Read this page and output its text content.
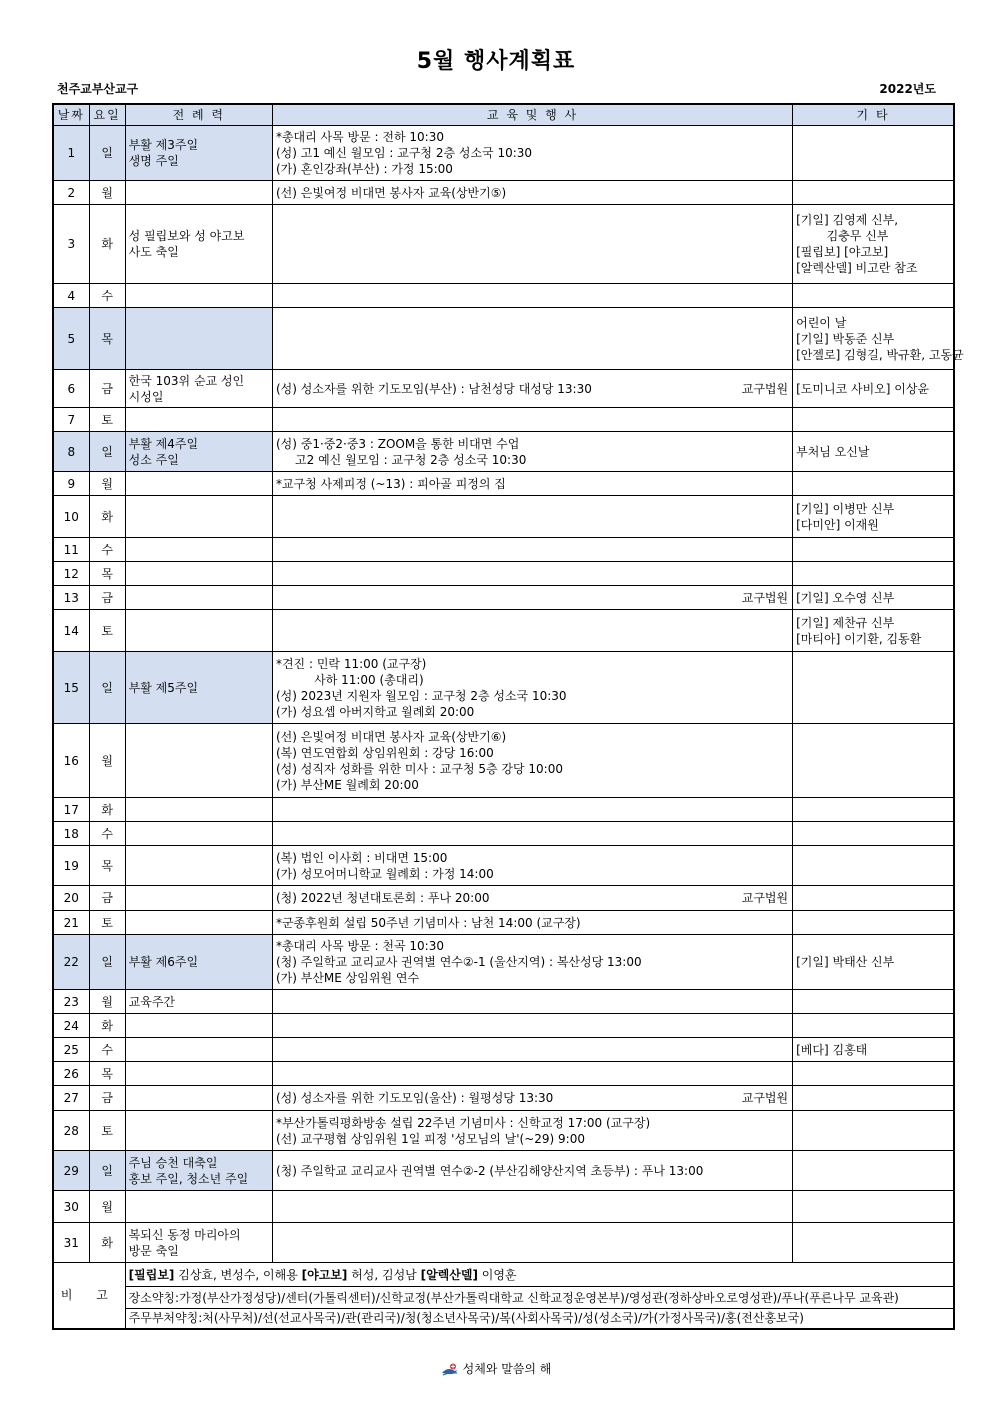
5월 행사계획표
천주교부산교구	2022년도
날짜	요일	전 례 력	교 육 및 행 사	기 타
1	일	부활 제3주일
생명 주일	*총대리 사목 방문 : 전하 10:30
(성) 고1 예신 월모임 : 교구청 2층 성소국 10:30
(가) 혼인강좌(부산) : 가정 15:00	

2	월		(선) 은빛여정 비대면 봉사자 교육(상반기⑤)	

3	화	성 필립보와 성 야고보
사도 축일		[기일] 김영제 신부,
김충무 신부
[필립보] [야고보]
[알렉산델] 비고란 참조

4	수			
5	목			어린이 날
[기일] 박동준 신부
[안젤로] 김형길, 박규환, 고동균

6	금	한국 103위 순교 성인
시성일	(성) 성소자를 위한 기도모임(부산) : 남천성당 대성당 13:30 교구법원	[도미니코 사비오] 이상윤

7	토			
8	일	부활 제4주일
성소 주일	(성) 중1·중2·중3 : ZOOM을 통한 비대면 수업
고2 예신 월모임 : 교구청 2층 성소국 10:30	부처님 오신날

9	월		*교구청 사제피정 (~13) : 피아골 피정의 집	

10	화			[기일] 이병만 신부
[다미안] 이재원

11	수			
12	목			
13	금		교구법원	[기일] 오수영 신부

14	토			[기일] 제찬규 신부
[마티아] 이기환, 김동환

15	일	부활 제5주일	*견진 : 민락 11:00 (교구장)
사하 11:00 (총대리)
(성) 2023년 지원자 월모임 : 교구청 2층 성소국 10:30
(가) 성요셉 아버지학교 월례회 20:00	

16	월		(선) 은빛여정 비대면 봉사자 교육(상반기⑥)
(복) 연도연합회 상임위원회 : 강당 16:00
(성) 성직자 성화를 위한 미사 : 교구청 5층 강당 10:00
(가) 부산ME 월례회 20:00	

17	화			
18	수			
19	목		(복) 법인 이사회 : 비대면 15:00
(가) 성모어머니학교 월례회 : 가정 14:00	

20	금		(청) 2022년 청년대토론회 : 푸나 20:00 교구법원	

21	토		*군종후원회 설립 50주년 기념미사 : 남천 14:00 (교구장)	

22	일	부활 제6주일	*총대리 사목 방문 : 천곡 10:30
(청) 주일학교 교리교사 권역별 연수②-1 (울산지역) : 복산성당 13:00
(가) 부산ME 상임위원 연수	[기일] 박태산 신부

23	월	교육주간		

24	화			
25	수			[베다] 김홍태

26	목			
27	금		(성) 성소자를 위한 기도모임(울산) : 월평성당 13:30 교구법원	

28	토		*부산가톨릭평화방송 설립 22주년 기념미사 : 신학교정 17:00 (교구장)
(선) 교구평협 상임위원 1일 피정 '성모님의 날'(~29) 9:00	

29	일	주님 승천 대축일
홍보 주일, 청소년 주일	(청) 주일학교 교리교사 권역별 연수②-2 (부산김해양산지역 초등부) : 푸나 13:00	

30	월			
31	화	복되신 동정 마리아의
방문 축일		

비 고		[필립보] 김상효, 변성수, 이해용 [야고보] 허성, 김성남 [알렉산델] 이영훈		
		장소약칭:가정(부산가정성당)/센터(가톨릭센터)/신학교정(부산가톨릭대학교 신학교정운영본부)/영성관(정하상바오로영성관)/푸나(푸른나무 교육관)		
		주무부처약칭:처(사무처)/선(선교사목국)/관(관리국)/청(청소년사목국)/복(사회사목국)/성(성소국)/가(가정사목국)/홍(전산홍보국)		
성체와 말씀의 해
